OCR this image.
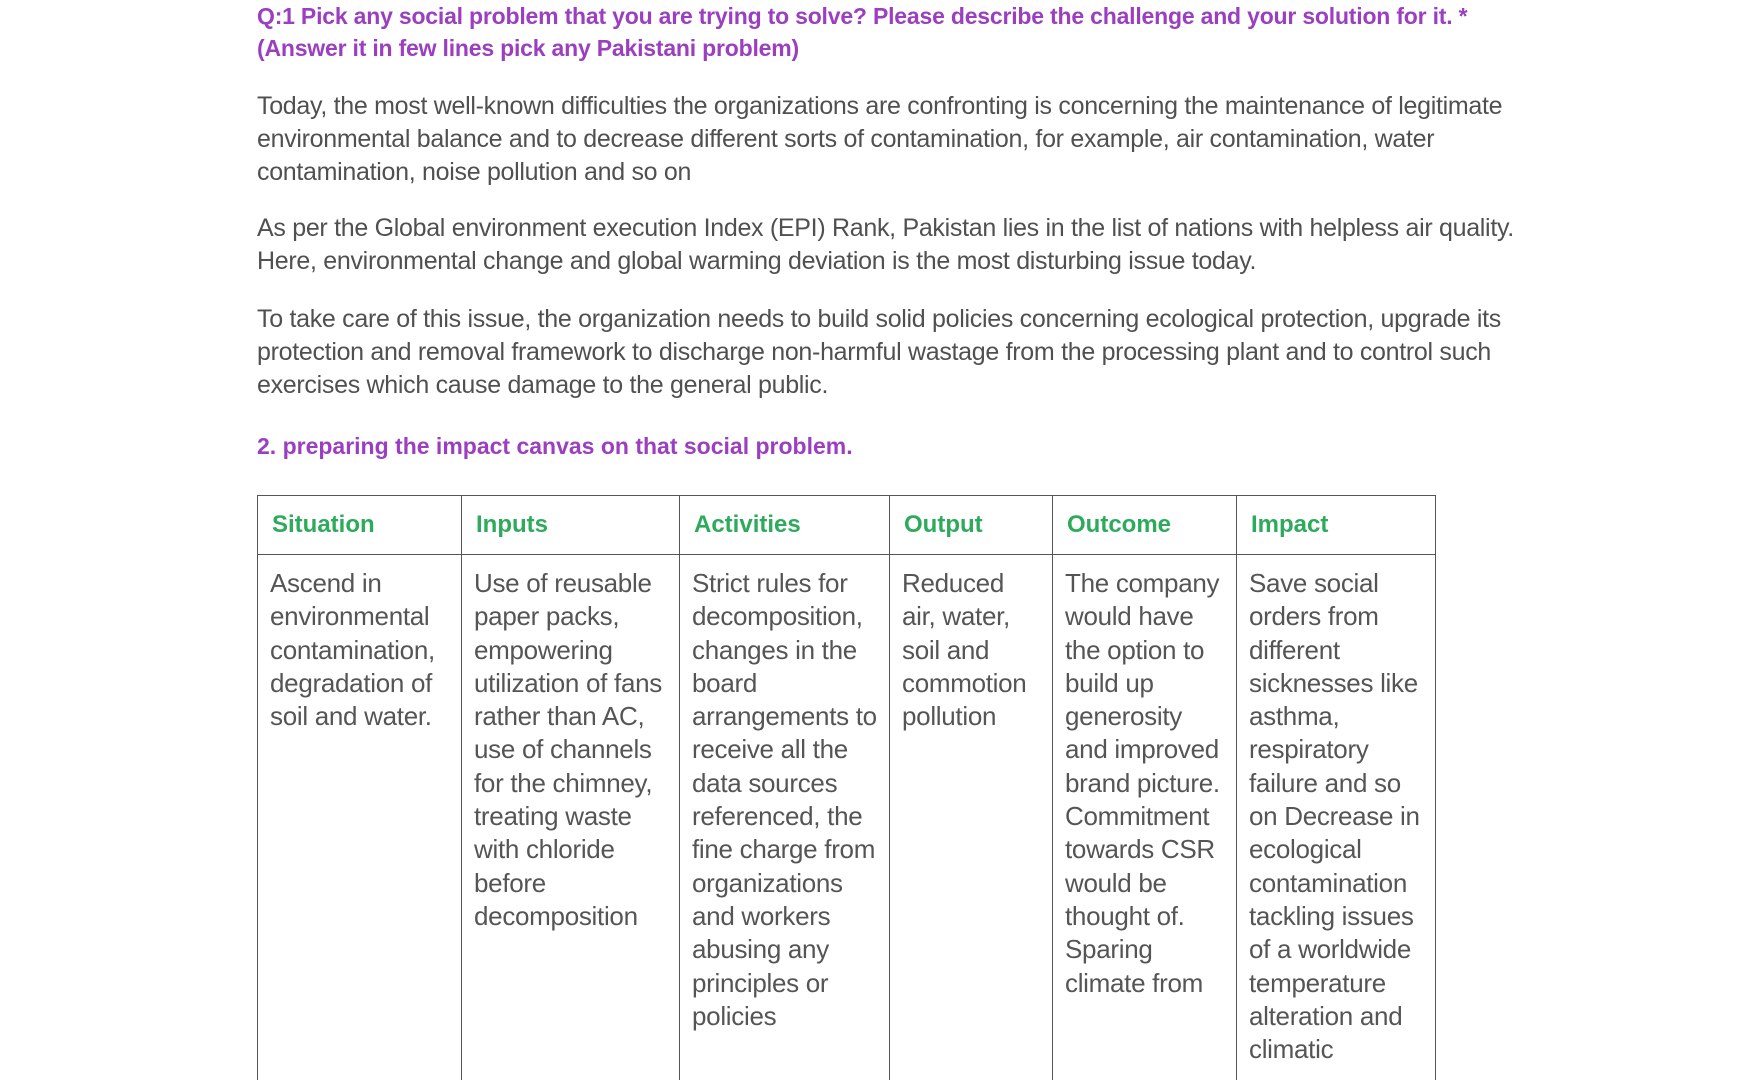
Q:1 Pick any social problem that you are trying to solve? Please describe the challenge and your solution for it. *(Answer it in few lines pick any Pakistani problem)

Today, the most well-known difficulties the organizations are confronting is concerning the maintenance of legitimate environmental balance and to decrease different sorts of contamination, for example, air contamination, water contamination, noise pollution and so on

As per the Global environment execution Index (EPI) Rank, Pakistan lies in the list of nations with helpless air quality. Here, environmental change and global warming deviation is the most disturbing issue today.

To take care of this issue, the organization needs to build solid policies concerning ecological protection, upgrade its protection and removal framework to discharge non-harmful wastage from the processing plant and to control such exercises which cause damage to the general public.

2. preparing the impact canvas on that social problem.

Situation	Inputs	Activities	Output	Outcome	Impact
Ascend in environmental contamination, degradation of soil and water.	Use of reusable paper packs, empowering utilization of fans rather than AC, use of channels for the chimney, treating waste with chloride before decomposition	Strict rules for decomposition, changes in the board arrangements to receive all the data sources referenced, the fine charge from organizations and workers abusing any principles or policies	Reduced air, water, soil and commotion pollution	The company would have the option to build up generosity and improved brand picture. Commitment towards CSR would be thought of. Sparing climate from	Save social orders from different sicknesses like asthma, respiratory failure and so on Decrease in ecological contamination tackling issues of a worldwide temperature alteration and climatic
